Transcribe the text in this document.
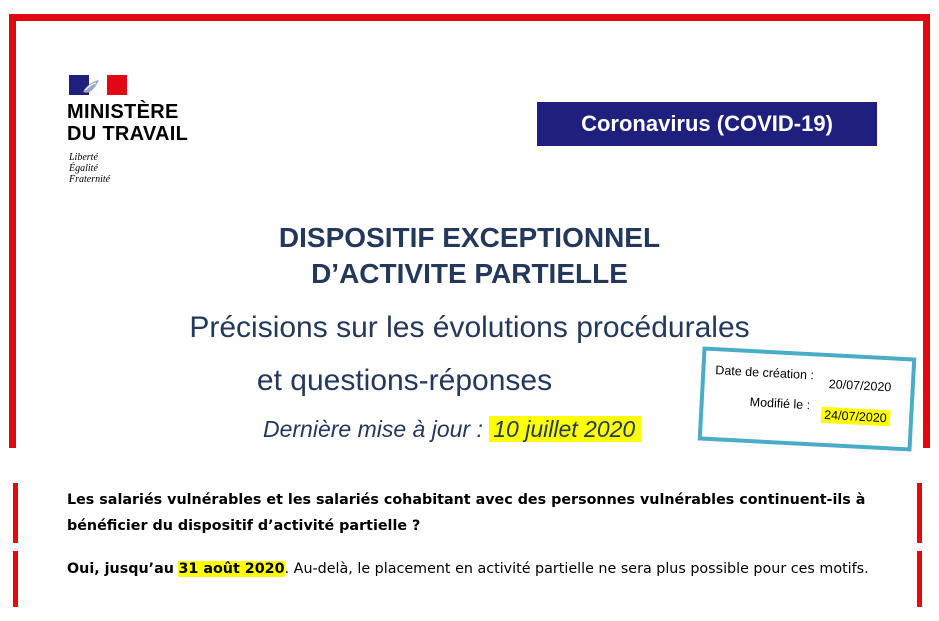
MINISTÈRE
DU TRAVAIL
Liberté
Égalité
Fraternité
Coronavirus (COVID-19)
DISPOSITIF EXCEPTIONNEL
D’ACTIVITE PARTIELLE
Précisions sur les évolutions procédurales
et questions-réponses
Dernière mise à jour : 10 juillet 2020
Date de création :
20/07/2020
Modifié le :
24/07/2020
Les salariés vulnérables et les salariés cohabitant avec des personnes vulnérables continuent-ils à bénéficier du dispositif d’activité partielle ?
Oui, jusqu’au 31 août 2020. Au-delà, le placement en activité partielle ne sera plus possible pour ces motifs.
